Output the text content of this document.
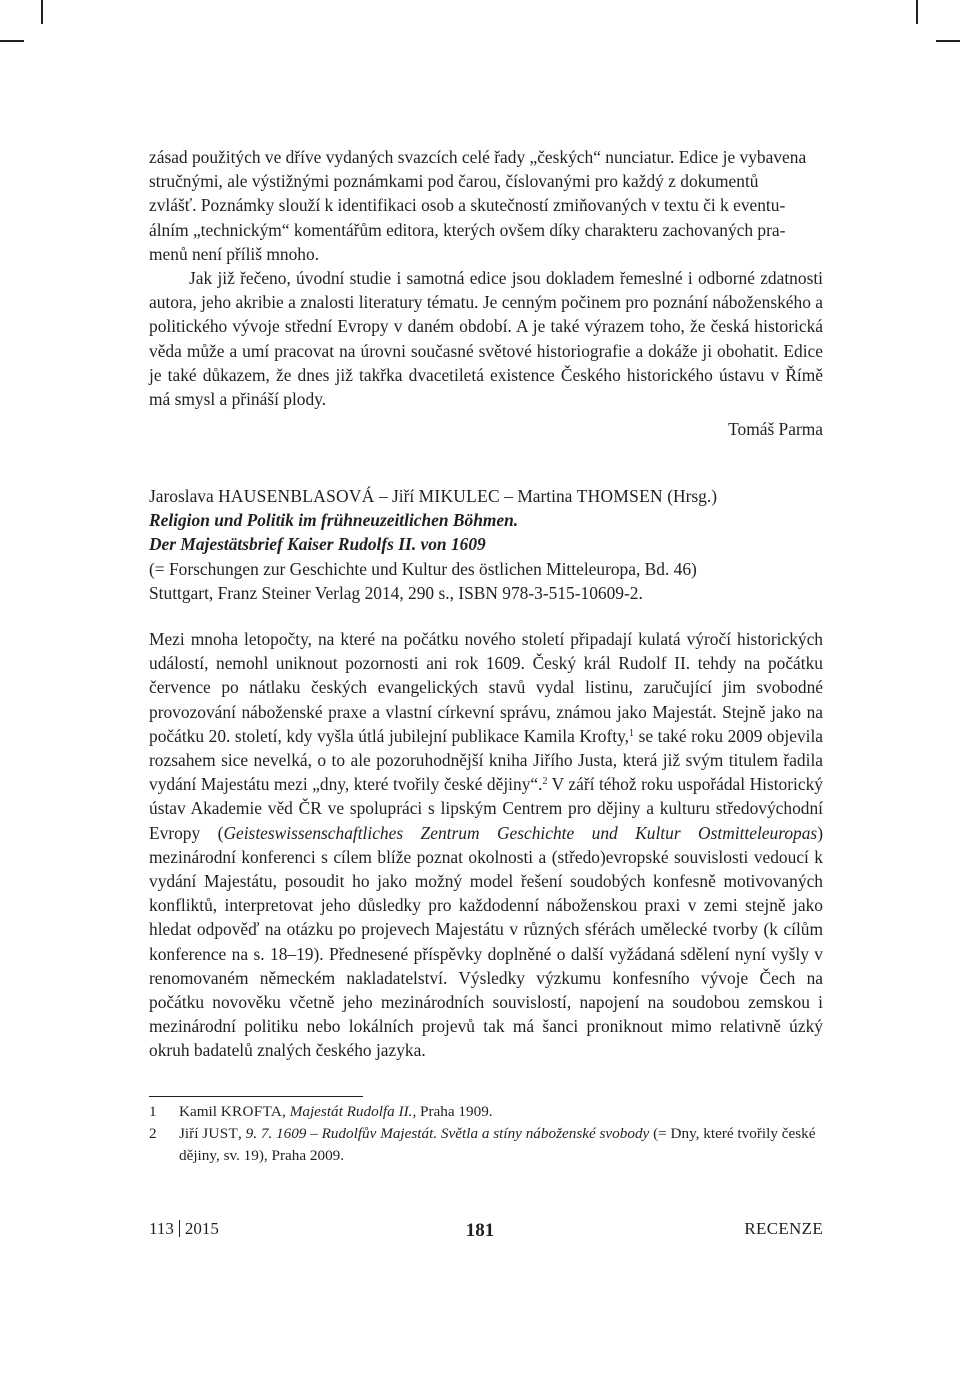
zásad použitých ve dříve vydaných svazcích celé řady „českých“ nunciatur. Edice je vybavena
stručnými, ale výstižnými poznámkami pod čarou, číslovanými pro každý z dokumentů
zvlášť. Poznámky slouží k identifikaci osob a skutečností zmiňovaných v textu či k eventu-
álním „technickým“ komentářům editora, kterých ovšem díky charakteru zachovaných pra-
menů není příliš mnoho.

Jak již řečeno, úvodní studie i samotná edice jsou dokladem řemeslné i odborné zdatnosti autora, jeho akribie a znalosti literatury tématu. Je cenným počinem pro poznání náboženského a politického vývoje střední Evropy v daném období. A je také výrazem toho, že česká historická věda může a umí pracovat na úrovni současné světové historiografie a dokáže ji obohatit. Edice je také důkazem, že dnes již takřka dvacetiletá existence Českého historického ústavu v Římě má smysl a přináší plody.

Tomáš Parma

Jaroslava HAUSENBLASOVÁ – Jiří MIKULEC – Martina THOMSEN (Hrsg.)
Religion und Politik im frühneuzeitlichen Böhmen.
Der Majestätsbrief Kaiser Rudolfs II. von 1609
(= Forschungen zur Geschichte und Kultur des östlichen Mitteleuropa, Bd. 46)
Stuttgart, Franz Steiner Verlag 2014, 290 s., ISBN 978-3-515-10609-2.

Mezi mnoha letopočty, na které na počátku nového století připadají kulatá výročí historických událostí, nemohl uniknout pozornosti ani rok 1609. Český král Rudolf II. tehdy na počátku července po nátlaku českých evangelických stavů vydal listinu, zaručující jim svobodné provozování náboženské praxe a vlastní církevní správu, známou jako Majestát. Stejně jako na počátku 20. století, kdy vyšla útlá jubilejní publikace Kamila Krofty,$^1$ se také roku 2009 objevila rozsahem sice nevelká, o to ale pozoruhodnější kniha Jiřího Justa, která již svým titulem řadila vydání Majestátu mezi „dny, které tvořily české dějiny“.$^2$ V září téhož roku uspořádal Historický ústav Akademie věd ČR ve spolupráci s lipským Centrem pro dějiny a kulturu středovýchodní Evropy (Geisteswissenschaftliches Zentrum Geschichte und Kultur Ostmitteleuropas) mezinárodní konferenci s cílem blíže poznat okolnosti a (středo)evropské souvislosti vedoucí k vydání Majestátu, posoudit ho jako možný model řešení soudobých konfesně motivovaných konfliktů, interpretovat jeho důsledky pro každodenní náboženskou praxi v zemi stejně jako hledat odpověď na otázku po projevech Majestátu v různých sférách umělecké tvorby (k cílům konference na s. 18–19). Přednesené příspěvky doplněné o další vyžádaná sdělení nyní vyšly v renomovaném německém nakladatelství. Výsledky výzkumu konfesního vývoje Čech na počátku novověku včetně jeho mezinárodních souvislostí, napojení na soudobou zemskou i mezinárodní politiku nebo lokálních projevů tak má šanci proniknout mimo relativně úzký okruh badatelů znalých českého jazyka.

1 Kamil KROFTA, Majestát Rudolfa II., Praha 1909.
2 Jiří JUST, 9. 7. 1609 – Rudolfův Majestát. Světla a stíny náboženské svobody (= Dny, které tvořily české dějiny, sv. 19), Praha 2009.
113 2015	181	RECENZE
